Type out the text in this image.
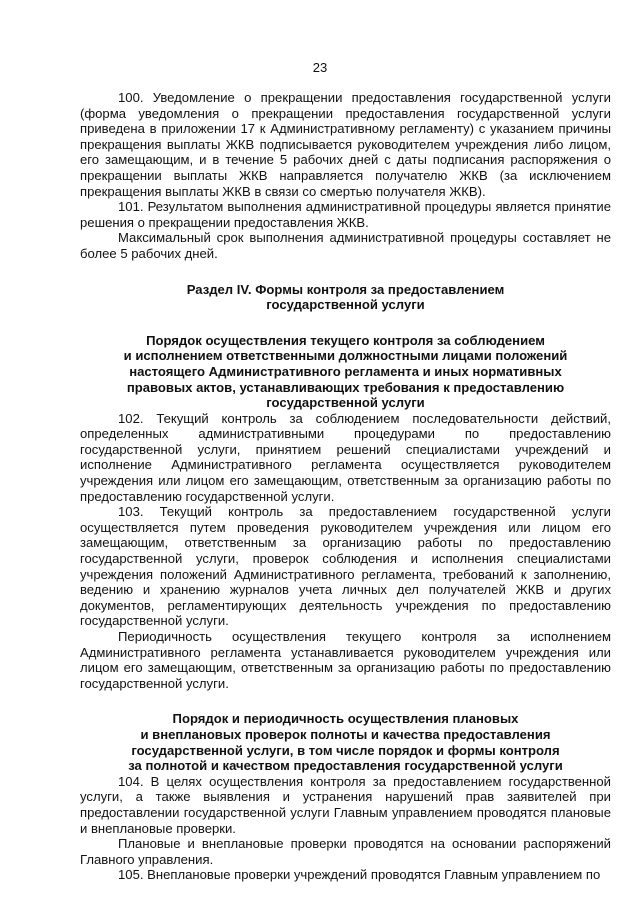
23

100. Уведомление о прекращении предоставления государственной услуги (форма уведомления о прекращении предоставления государственной услуги приведена в приложении 17 к Административному регламенту) с указанием причины прекращения выплаты ЖКВ подписывается руководителем учреждения либо лицом, его замещающим, и в течение 5 рабочих дней с даты подписания распоряжения о прекращении выплаты ЖКВ направляется получателю ЖКВ (за исключением прекращения выплаты ЖКВ в связи со смертью получателя ЖКВ).

101. Результатом выполнения административной процедуры является принятие решения о прекращении предоставления ЖКВ.

Максимальный срок выполнения административной процедуры составляет не более 5 рабочих дней.

Раздел IV. Формы контроля за предоставлением
государственной услуги
Порядок осуществления текущего контроля за соблюдением
и исполнением ответственными должностными лицами положений
настоящего Административного регламента и иных нормативных
правовых актов, устанавливающих требования к предоставлению
государственной услуги

102. Текущий контроль за соблюдением последовательности действий, определенных административными процедурами по предоставлению государственной услуги, принятием решений специалистами учреждений и исполнение Административного регламента осуществляется руководителем учреждения или лицом его замещающим, ответственным за организацию работы по предоставлению государственной услуги.

103. Текущий контроль за предоставлением государственной услуги осуществляется путем проведения руководителем учреждения или лицом его замещающим, ответственным за организацию работы по предоставлению государственной услуги, проверок соблюдения и исполнения специалистами учреждения положений Административного регламента, требований к заполнению, ведению и хранению журналов учета личных дел получателей ЖКВ и других документов, регламентирующих деятельность учреждения по предоставлению государственной услуги.

Периодичность осуществления текущего контроля за исполнением Административного регламента устанавливается руководителем учреждения или лицом его замещающим, ответственным за организацию работы по предоставлению государственной услуги.

Порядок и периодичность осуществления плановых
и внеплановых проверок полноты и качества предоставления
государственной услуги, в том числе порядок и формы контроля
за полнотой и качеством предоставления государственной услуги

104. В целях осуществления контроля за предоставлением государственной услуги, а также выявления и устранения нарушений прав заявителей при предоставлении государственной услуги Главным управлением проводятся плановые и внеплановые проверки.

Плановые и внеплановые проверки проводятся на основании распоряжений Главного управления.

105. Внеплановые проверки учреждений проводятся Главным управлением по
